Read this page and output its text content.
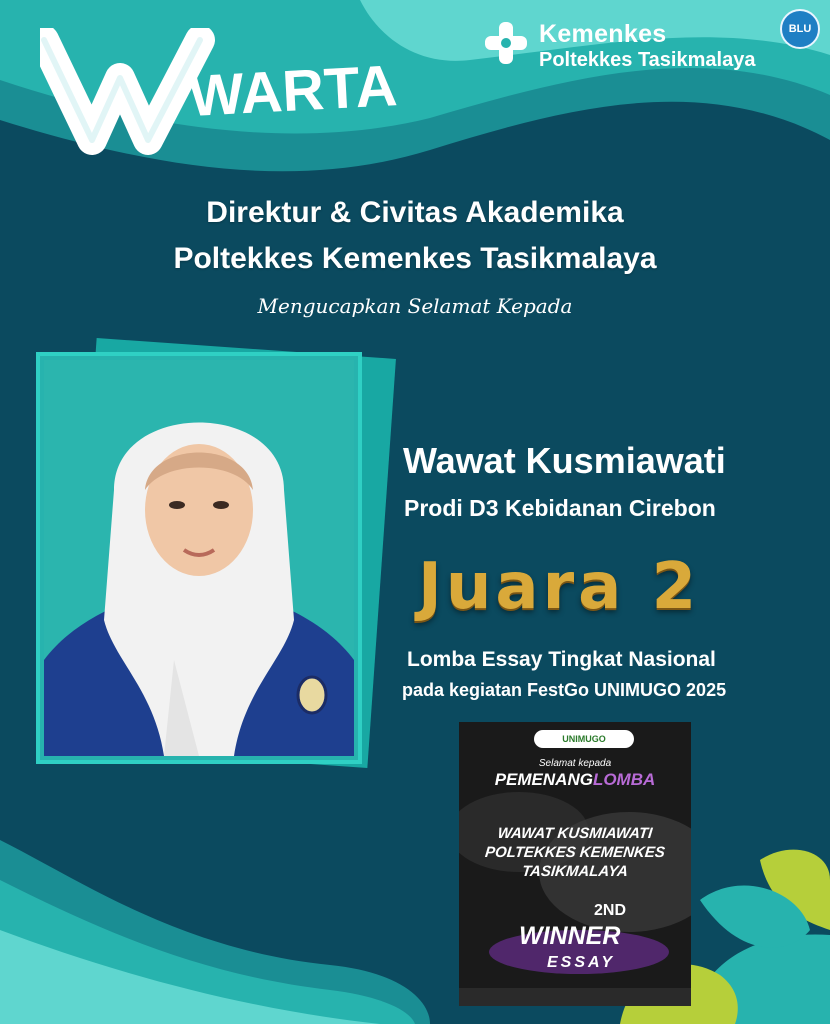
WARTA
Kemenkes
Poltekkes Tasikmalaya
BLU
Direktur & Civitas Akademika
Poltekkes Kemenkes Tasikmalaya
Mengucapkan Selamat Kepada
Wawat Kusmiawati
Prodi D3 Kebidanan Cirebon
Juara 2
Lomba Essay Tingkat Nasional
pada kegiatan FestGo UNIMUGO 2025
UNIMUGO
Selamat kepada
PEMENANGLOMBA
WAWAT KUSMIAWATI
POLTEKKES KEMENKES
TASIKMALAYA
2ND
WINNER
ESSAY
